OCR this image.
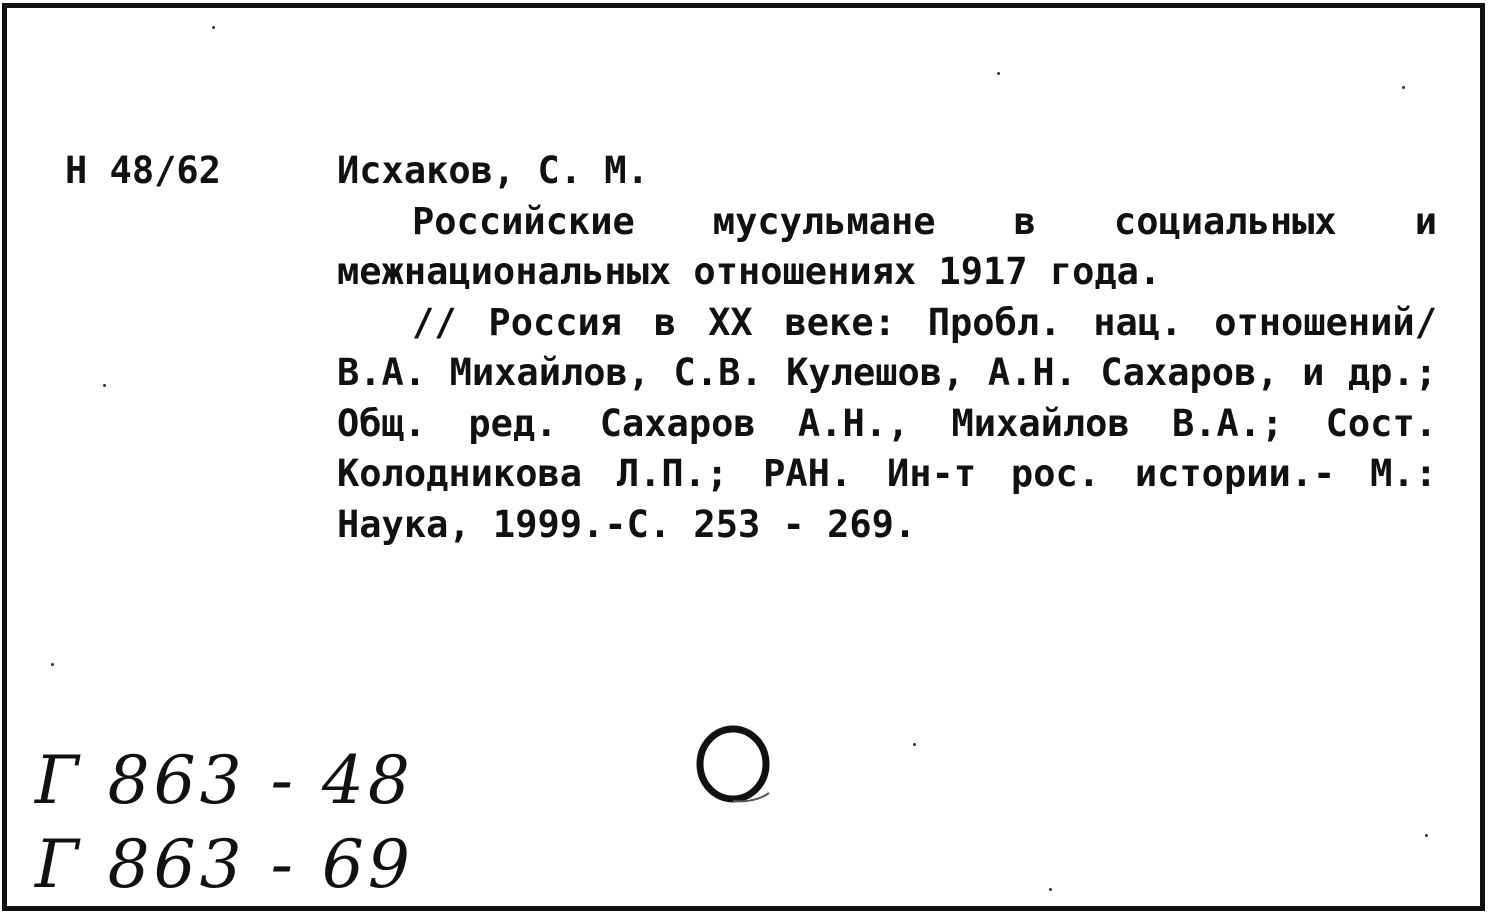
Н 48/62	Исхаков, С. М.

Российские мусульмане в социальных и межнациональных отношениях 1917 года.

// Россия в XX веке: Пробл. нац. отношений/ В.А. Михайлов, С.В. Кулешов, А.Н. Сахаров, и др.; Общ. ред. Сахаров А.Н., Михайлов В.А.; Сост. Колодникова Л.П.; РАН. Ин-т рос. истории.- М.: Наука, 1999.-С. 253 - 269.

Г 863 - 48
Г 863 - 69
